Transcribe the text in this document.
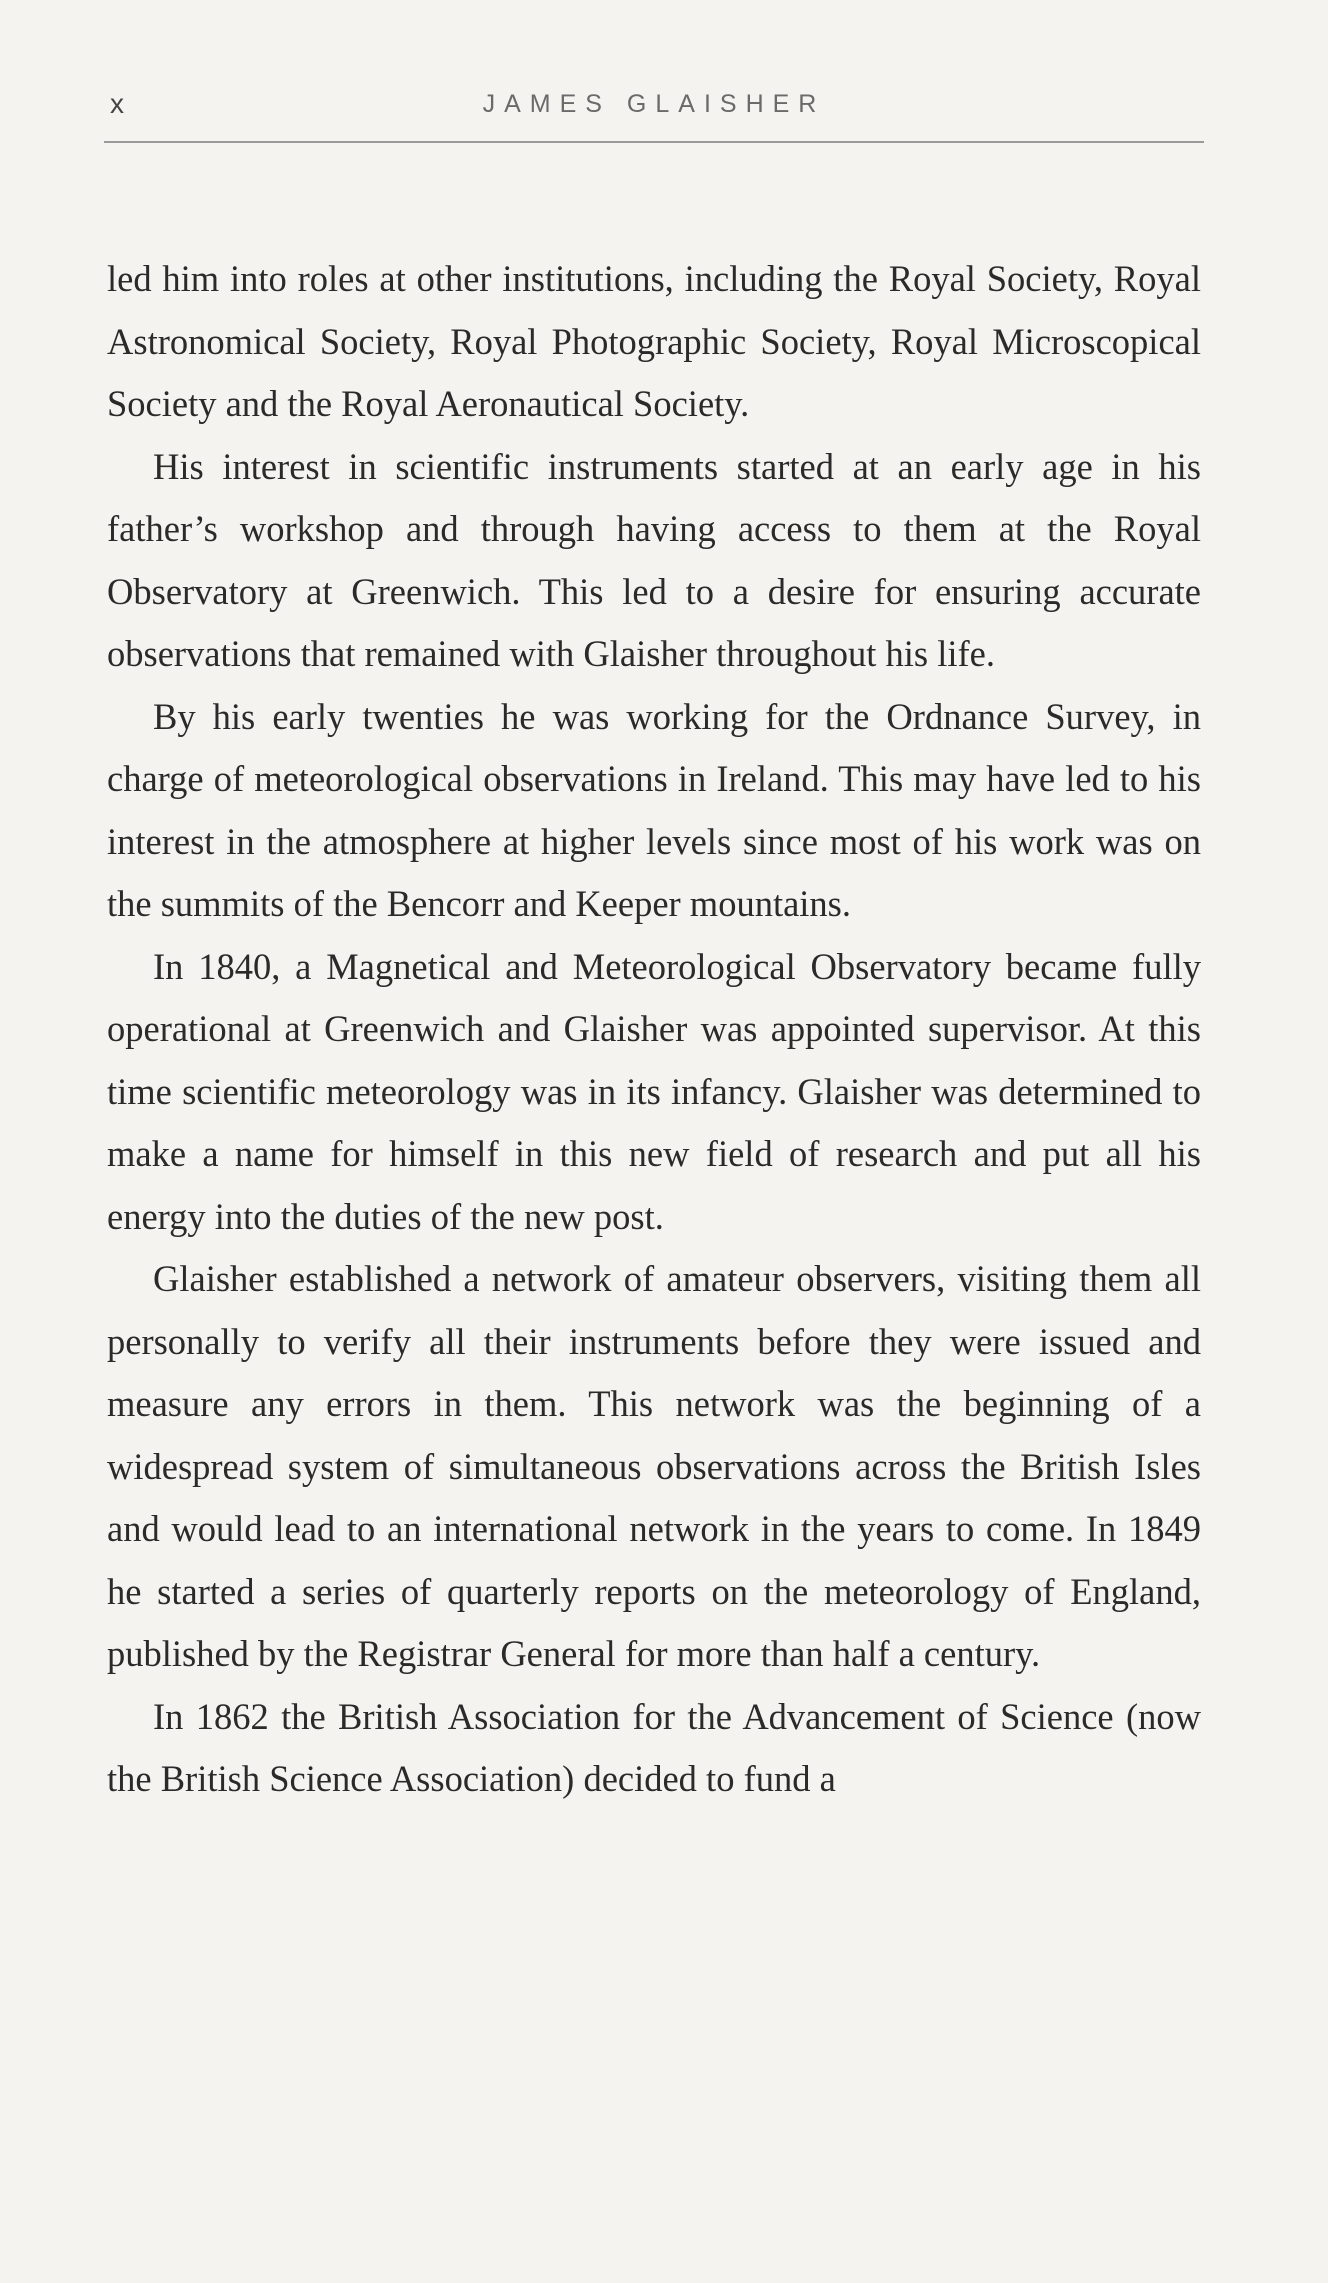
x	JAMES GLAISHER

led him into roles at other institutions, including the Royal Society, Royal Astronomical Society, Royal Photographic Society, Royal Microscopical Society and the Royal Aeronautical Society.

His interest in scientific instruments started at an early age in his father’s workshop and through having access to them at the Royal Observatory at Greenwich. This led to a desire for ensuring accurate observations that remained with Glaisher throughout his life.

By his early twenties he was working for the Ordnance Survey, in charge of meteorological observations in Ireland. This may have led to his interest in the atmosphere at higher levels since most of his work was on the summits of the Bencorr and Keeper mountains.

In 1840, a Magnetical and Meteorological Observatory became fully operational at Greenwich and Glaisher was appointed supervisor. At this time scientific meteorology was in its infancy. Glaisher was determined to make a name for himself in this new field of research and put all his energy into the duties of the new post.

Glaisher established a network of amateur observers, visiting them all personally to verify all their instruments before they were issued and measure any errors in them. This network was the beginning of a widespread system of simultaneous observations across the British Isles and would lead to an international network in the years to come. In 1849 he started a series of quarterly reports on the meteorology of England, published by the Registrar General for more than half a century.

In 1862 the British Association for the Advancement of Science (now the British Science Association) decided to fund a
